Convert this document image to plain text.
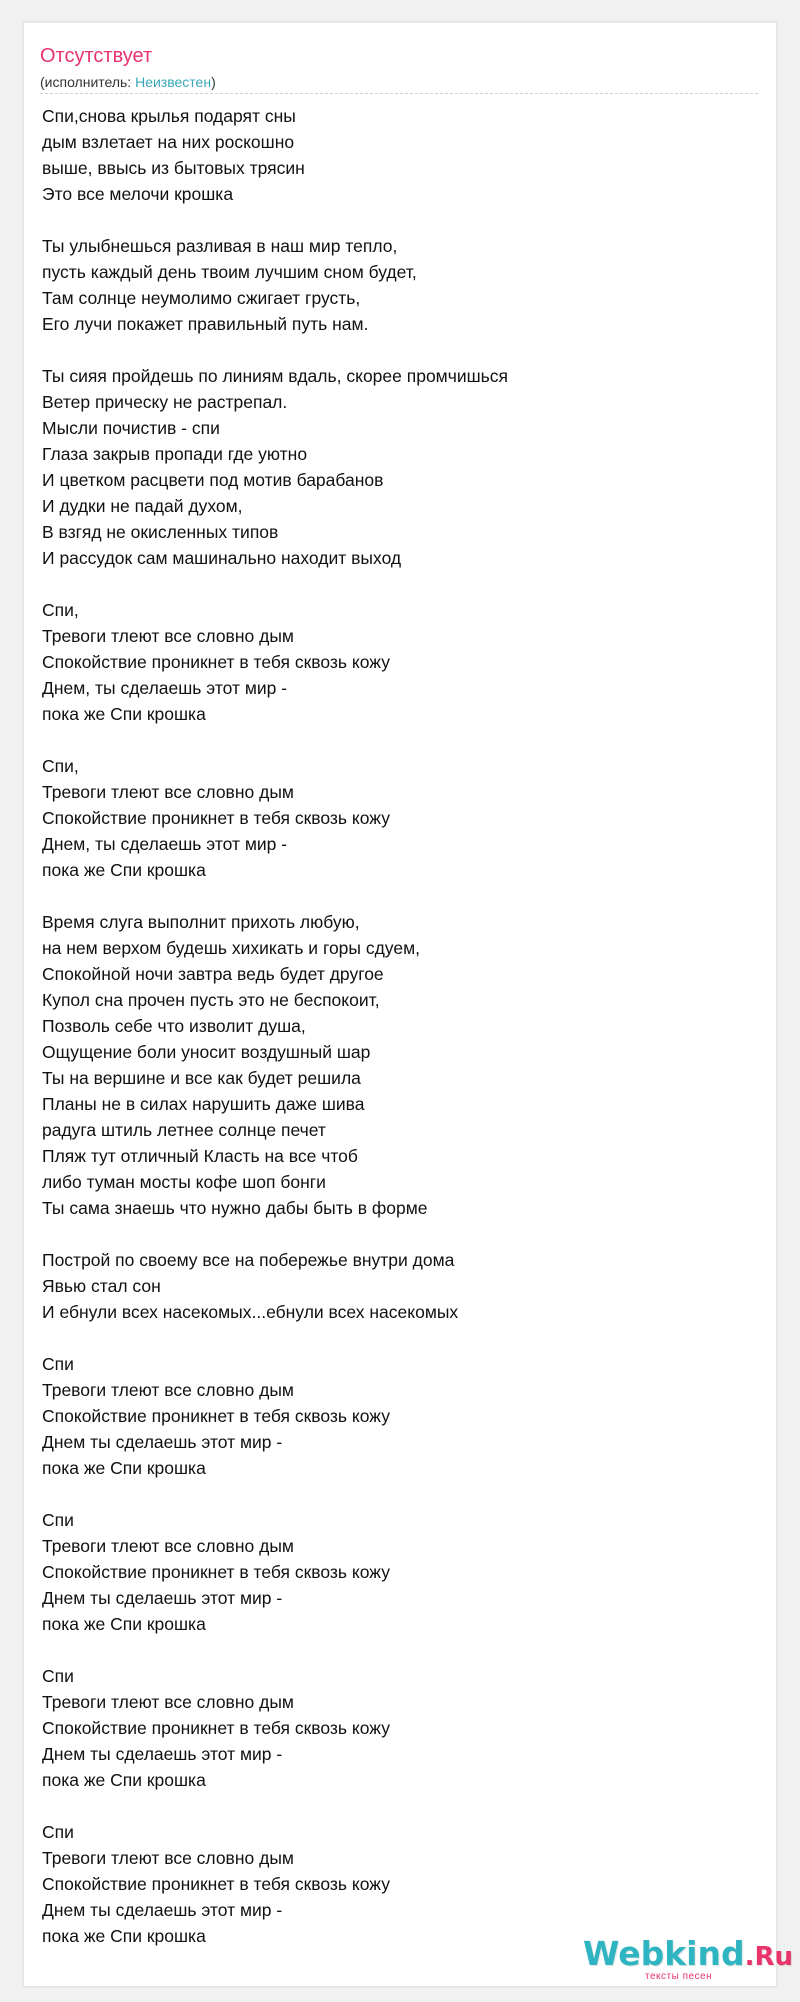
Отсутствует
(исполнитель: Неизвестен)
Спи,снова крылья подарят сны
дым взлетает на них роскошно
выше, ввысь из бытовых трясин
Это все мелочи крошка
Ты улыбнешься разливая в наш мир тепло,
пусть каждый день твоим лучшим сном будет,
Там солнце неумолимо сжигает грусть,
Его лучи покажет правильный путь нам.
Ты сияя пройдешь по линиям вдаль, скорее промчишься
Ветер прическу не растрепал.
Мысли почистив - спи
Глаза закрыв пропади где уютно
И цветком расцвети под мотив барабанов
И дудки не падай духом,
В взгяд не окисленных типов
И рассудок сам машинально находит выход
Спи,
Тревоги тлеют все словно дым
Спокойствие проникнет в тебя сквозь кожу
Днем, ты сделаешь этот мир -
пока же Спи крошка
Спи,
Тревоги тлеют все словно дым
Спокойствие проникнет в тебя сквозь кожу
Днем, ты сделаешь этот мир -
пока же Спи крошка
Время слуга выполнит прихоть любую,
на нем верхом будешь хихикать и горы сдуем,
Спокойной ночи завтра ведь будет другое
Купол сна прочен пусть это не беспокоит,
Позволь себе что изволит душа,
Ощущение боли уносит воздушный шар
Ты на вершине и все как будет решила
Планы не в силах нарушить даже шива
радуга штиль летнее солнце печет
Пляж тут отличный Класть на все чтоб
либо туман мосты кофе шоп бонги
Ты сама знаешь что нужно дабы быть в форме
Построй по своему все на побережье внутри дома
Явью стал сон
И ебнули всех насекомых...ебнули всех насекомых
Спи
Тревоги тлеют все словно дым
Спокойствие проникнет в тебя сквозь кожу
Днем ты сделаешь этот мир -
пока же Спи крошка
Спи
Тревоги тлеют все словно дым
Спокойствие проникнет в тебя сквозь кожу
Днем ты сделаешь этот мир -
пока же Спи крошка
Спи
Тревоги тлеют все словно дым
Спокойствие проникнет в тебя сквозь кожу
Днем ты сделаешь этот мир -
пока же Спи крошка
Спи
Тревоги тлеют все словно дым
Спокойствие проникнет в тебя сквозь кожу
Днем ты сделаешь этот мир -
пока же Спи крошка	Webkind.Ru
тексты песен
